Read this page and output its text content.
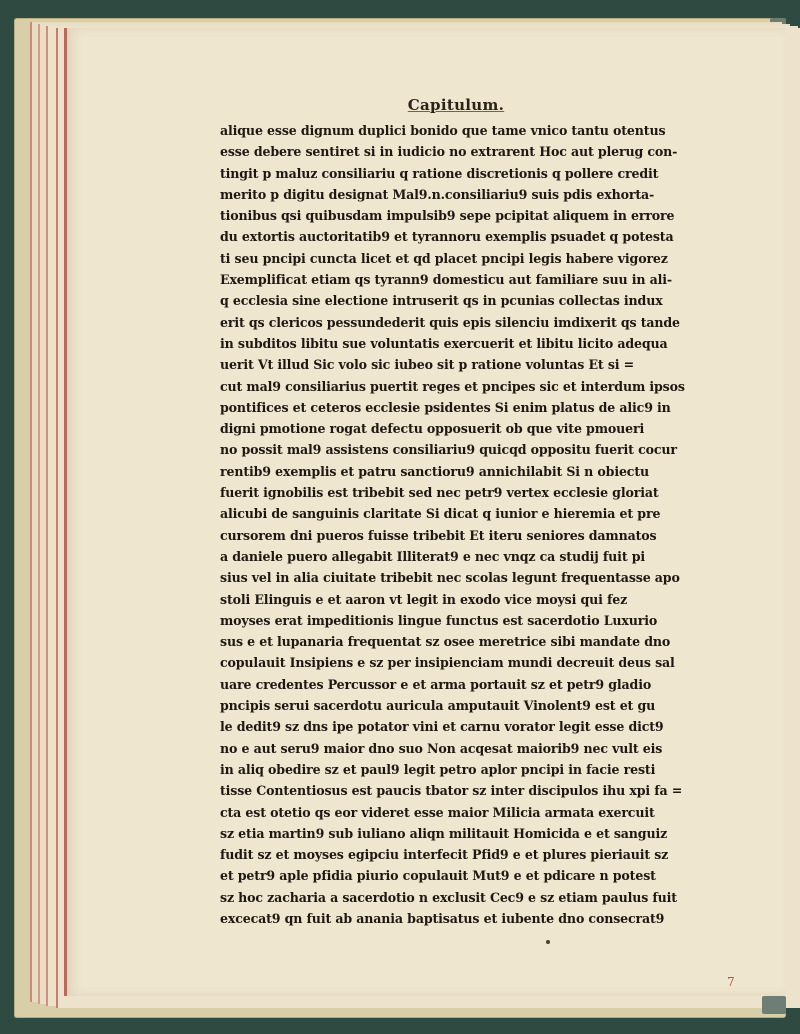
Capitulum.
alique esse dignum duplici bonido que tame vnico tantu otentus
esse debere sentiret si in iudicio no extrarent Hoc aut plerug con-
tingit p maluz consiliariu q ratione discretionis q pollere credit
merito p digitu designat Mal9.n.consiliariu9 suis pdis exhorta-
tionibus qsi quibusdam impulsib9 sepe pcipitat aliquem in errore
du extortis auctoritatib9 et tyrannoru exemplis psuadet q potesta
ti seu pncipi cuncta licet et qd placet pncipi legis habere vigorez
Exemplificat etiam qs tyrann9 domesticu aut familiare suu in ali-
q ecclesia sine electione intruserit qs in pcunias collectas indux
erit qs clericos pessundederit quis epis silenciu imdixerit qs tande
in subditos libitu sue voluntatis exercuerit et libitu licito adequa
uerit Vt illud Sic volo sic iubeo sit p ratione voluntas Et si =
cut mal9 consiliarius puertit reges et pncipes sic et interdum ipsos
pontifices et ceteros ecclesie psidentes Si enim platus de alic9 in
digni pmotione rogat defectu opposuerit ob que vite pmoueri
no possit mal9 assistens consiliariu9 quicqd oppositu fuerit cocur
rentib9 exemplis et patru sanctioru9 annichilabit Si n obiectu
fuerit ignobilis est tribebit sed nec petr9 vertex ecclesie gloriat
alicubi de sanguinis claritate Si dicat q iunior e hieremia et pre
cursorem dni pueros fuisse tribebit Et iteru seniores damnatos
a daniele puero allegabit Illiterat9 e nec vnqz ca studij fuit pi
sius vel in alia ciuitate tribebit nec scolas legunt frequentasse apo
stoli Elinguis e et aaron vt legit in exodo vice moysi qui fez
moyses erat impeditionis lingue functus est sacerdotio Luxurio
sus e et lupanaria frequentat sz osee meretrice sibi mandate dno
copulauit Insipiens e sz per insipienciam mundi decreuit deus sal
uare credentes Percussor e et arma portauit sz et petr9 gladio
pncipis serui sacerdotu auricula amputauit Vinolent9 est et gu
le dedit9 sz dns ipe potator vini et carnu vorator legit esse dict9
no e aut seru9 maior dno suo Non acqesat maiorib9 nec vult eis
in aliq obedire sz et paul9 legit petro aplor pncipi in facie resti
tisse Contentiosus est paucis tbator sz inter discipulos ihu xpi fa =
cta est otetio qs eor videret esse maior Milicia armata exercuit
sz etia martin9 sub iuliano aliqn militauit Homicida e et sanguiz
fudit sz et moyses egipciu interfecit Pfid9 e et plures pieriauit sz
et petr9 aple pfidia piurio copulauit Mut9 e et pdicare n potest
sz hoc zacharia a sacerdotio n exclusit Cec9 e sz etiam paulus fuit
excecat9 qn fuit ab anania baptisatus et iubente dno consecrat9
7
